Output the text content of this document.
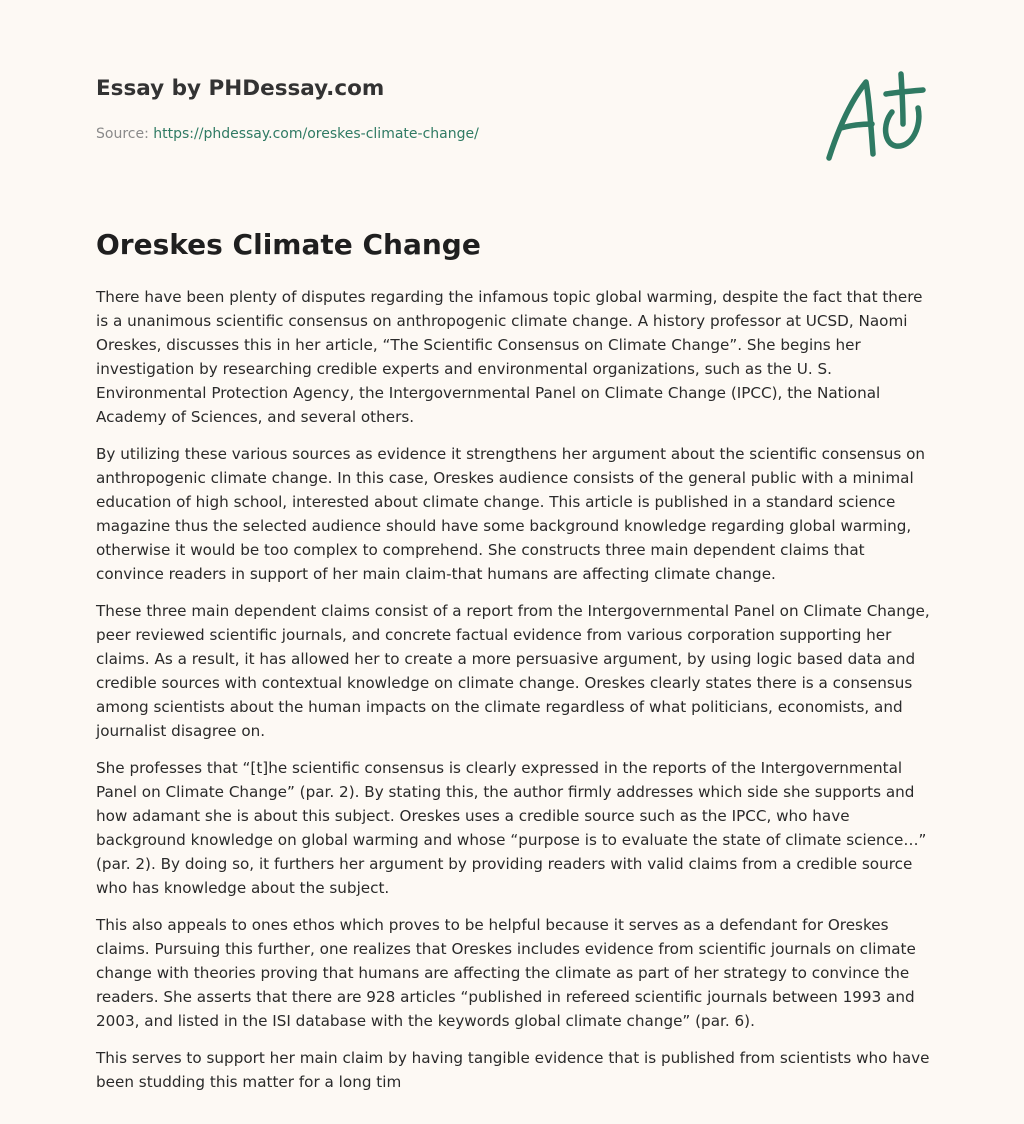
Essay by PHDessay.com
Source: https://phdessay.com/oreskes-climate-change/
Oreskes Climate Change

There have been plenty of disputes regarding the infamous topic global warming, despite the fact that there is a unanimous scientific consensus on anthropogenic climate change. A history professor at UCSD, Naomi Oreskes, discusses this in her article, “The Scientific Consensus on Climate Change”. She begins her investigation by researching credible experts and environmental organizations, such as the U. S. Environmental Protection Agency, the Intergovernmental Panel on Climate Change (IPCC), the National Academy of Sciences, and several others.

By utilizing these various sources as evidence it strengthens her argument about the scientific consensus on anthropogenic climate change. In this case, Oreskes audience consists of the general public with a minimal education of high school, interested about climate change. This article is published in a standard science magazine thus the selected audience should have some background knowledge regarding global warming, otherwise it would be too complex to comprehend. She constructs three main dependent claims that convince readers in support of her main claim-that humans are affecting climate change.

These three main dependent claims consist of a report from the Intergovernmental Panel on Climate Change, peer reviewed scientific journals, and concrete factual evidence from various corporation supporting her claims. As a result, it has allowed her to create a more persuasive argument, by using logic based data and credible sources with contextual knowledge on climate change. Oreskes clearly states there is a consensus among scientists about the human impacts on the climate regardless of what politicians, economists, and journalist disagree on.

She professes that “[t]he scientific consensus is clearly expressed in the reports of the Intergovernmental Panel on Climate Change” (par. 2). By stating this, the author firmly addresses which side she supports and how adamant she is about this subject. Oreskes uses a credible source such as the IPCC, who have background knowledge on global warming and whose “purpose is to evaluate the state of climate science…” (par. 2). By doing so, it furthers her argument by providing readers with valid claims from a credible source who has knowledge about the subject.

This also appeals to ones ethos which proves to be helpful because it serves as a defendant for Oreskes claims. Pursuing this further, one realizes that Oreskes includes evidence from scientific journals on climate change with theories proving that humans are affecting the climate as part of her strategy to convince the readers. She asserts that there are 928 articles “published in refereed scientific journals between 1993 and 2003, and listed in the ISI database with the keywords global climate change” (par. 6).

This serves to support her main claim by having tangible evidence that is published from scientists who have been studding this matter for a long tim
